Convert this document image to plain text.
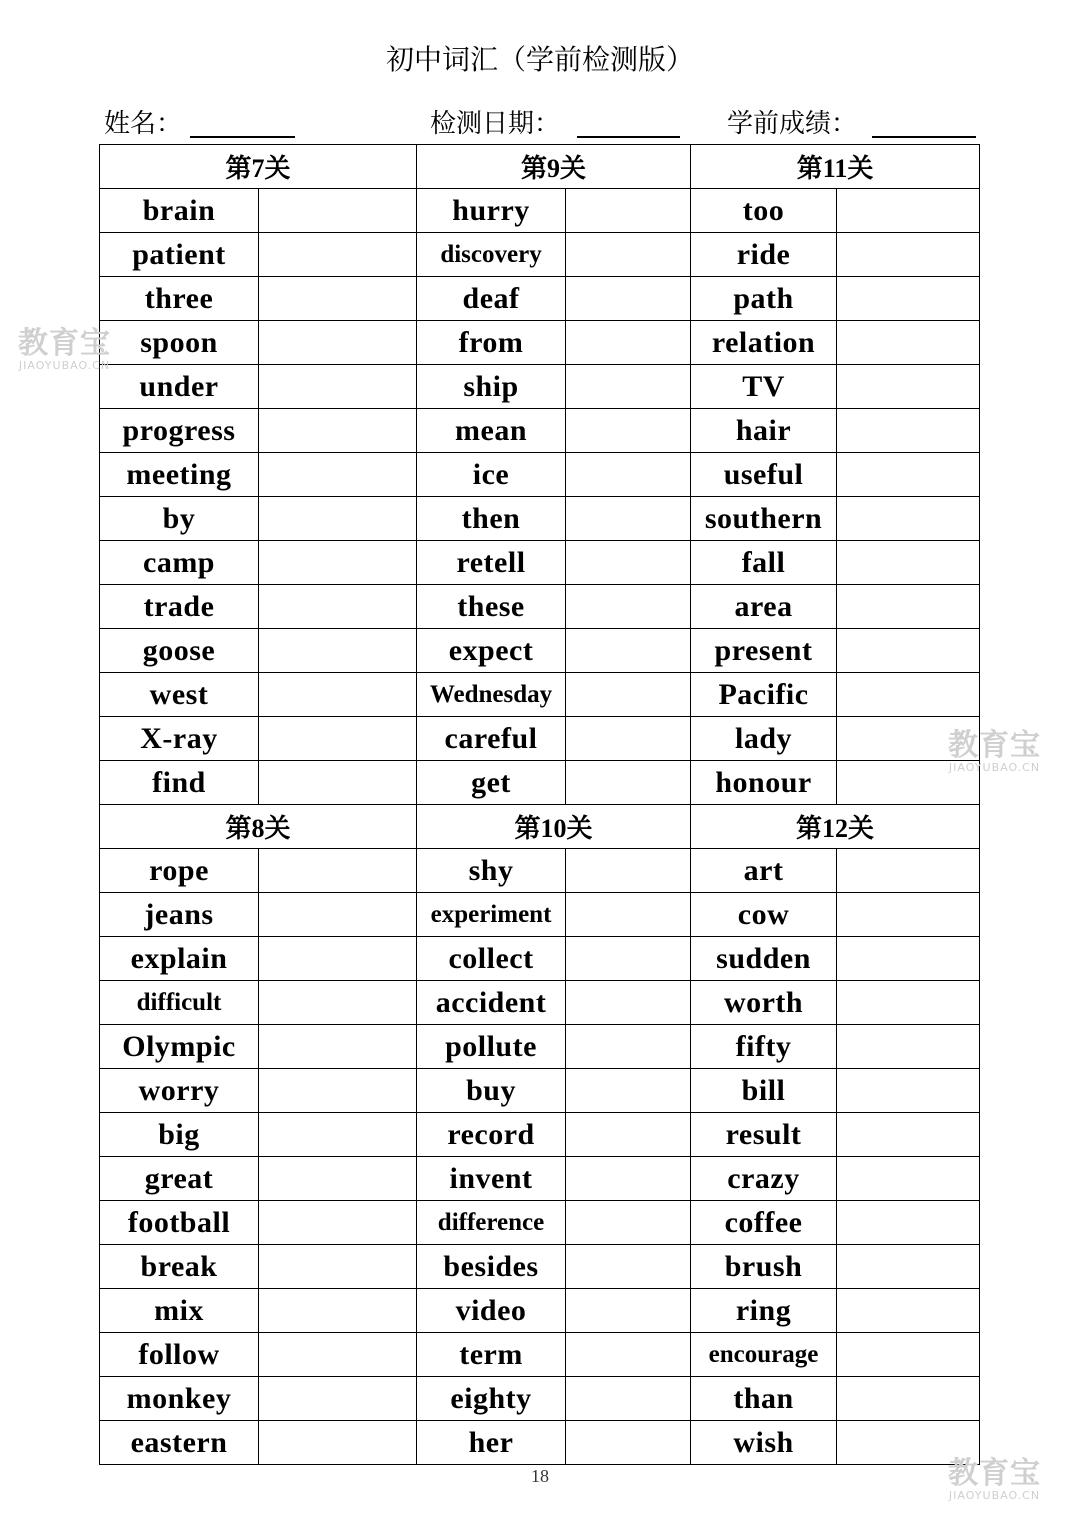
初中词汇（学前检测版）
姓名：	检测日期：	学前成绩：
第7关		第9关		第11关	
brain		hurry		too	
patient		discovery		ride	
three		deaf		path	
spoon		from		relation	
under		ship		TV	
progress		mean		hair	
meeting		ice		useful	
by		then		southern	
camp		retell		fall	
trade		these		area	
goose		expect		present	
west		Wednesday		Pacific	
X-ray		careful		lady	
find		get		honour	
第8关		第10关		第12关	
rope		shy		art	
jeans		experiment		cow	
explain		collect		sudden	
difficult		accident		worth	
Olympic		pollute		fifty	
worry		buy		bill	
big		record		result	
great		invent		crazy	
football		difference		coffee	
break		besides		brush	
mix		video		ring	
follow		term		encourage	
monkey		eighty		than	
eastern		her		wish	
18
教育宝
JIAOYUBAO.CN
教育宝
JIAOYUBAO.CN
教育宝
JIAOYUBAO.CN
